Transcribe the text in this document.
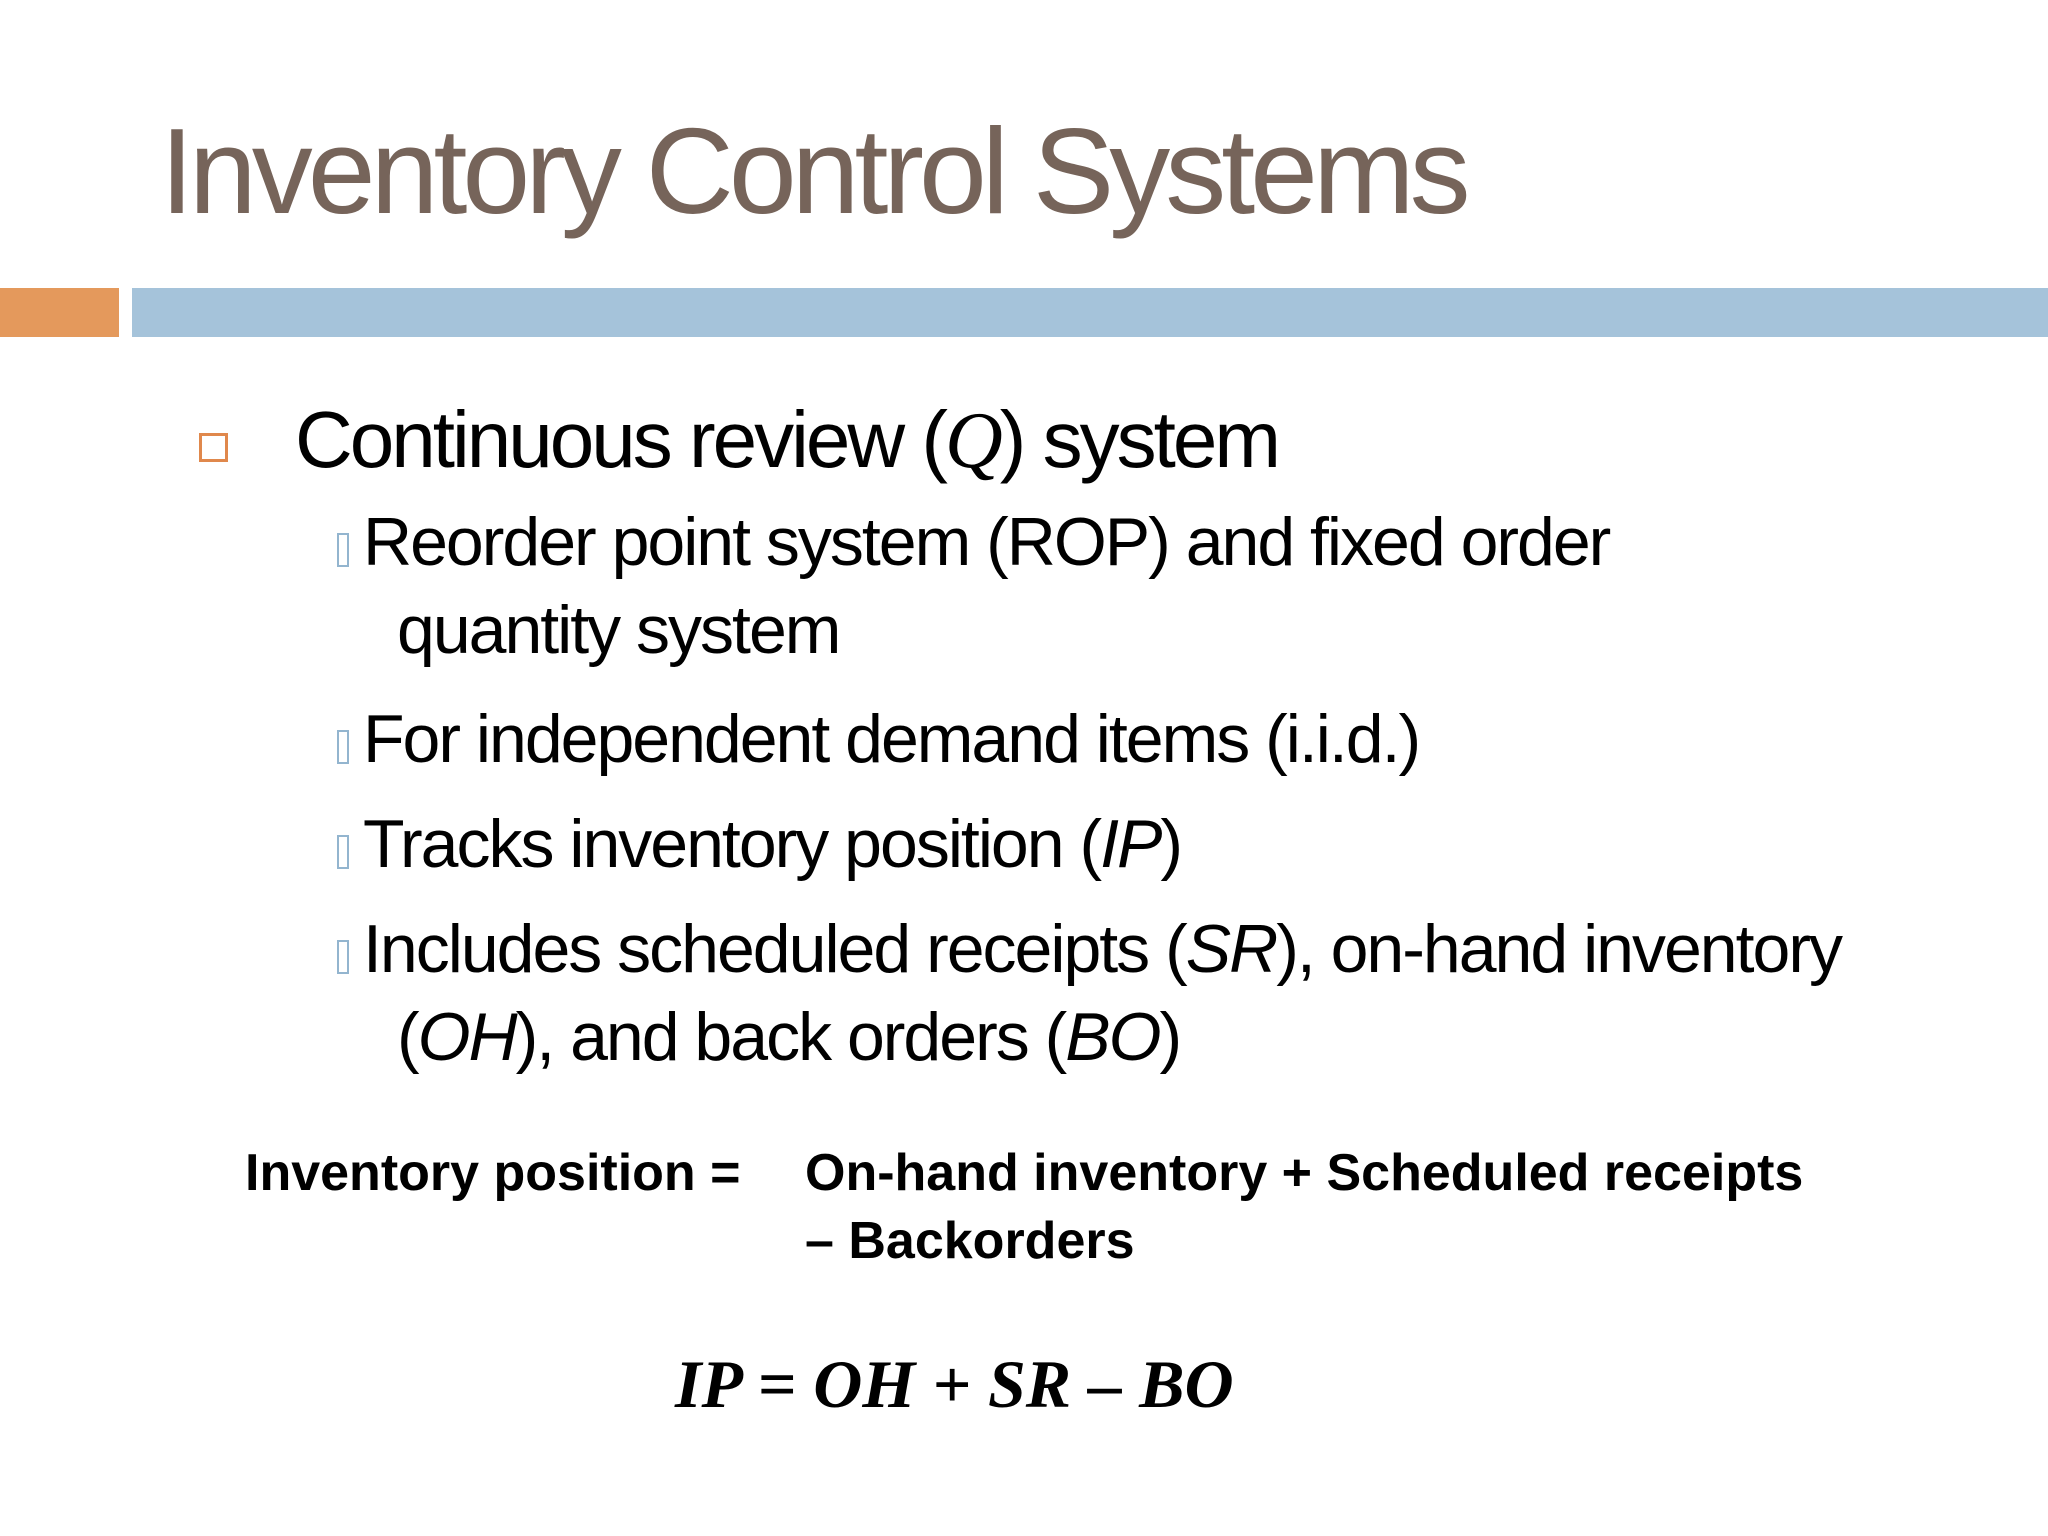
Inventory Control Systems
Continuous review (Q) system
Reorder point system (ROP) and fixed order
quantity system
For independent demand items (i.i.d.)
Tracks inventory position (IP)
Includes scheduled receipts (SR), on-hand inventory
(OH), and back orders (BO)
Inventory position = On-hand inventory + Scheduled receipts
– Backorders
IP = OH + SR – BO
